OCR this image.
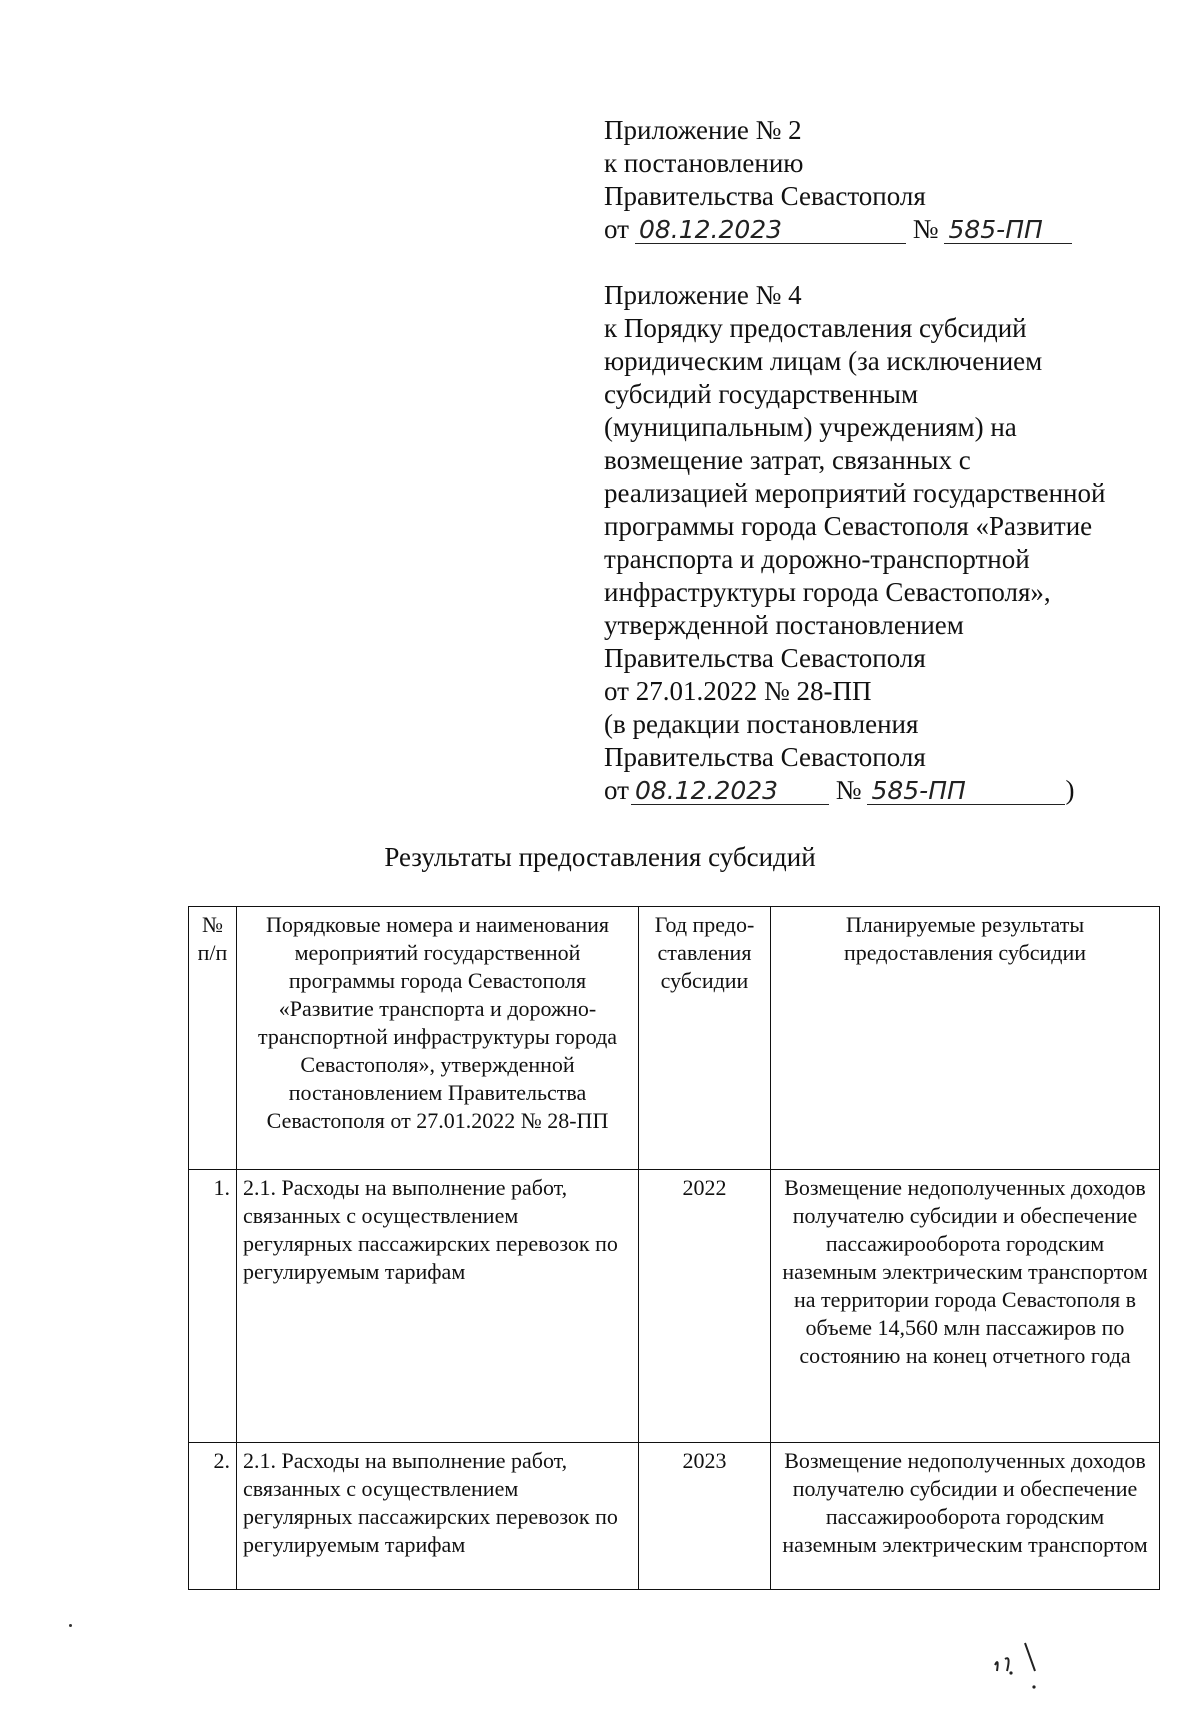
Приложение № 2
к постановлению
Правительства Севастополя
от 08.12.2023	№ 585-ПП
Приложение № 4
к Порядку предоставления субсидий
юридическим лицам (за исключением
субсидий государственным
(муниципальным) учреждениям) на
возмещение затрат, связанных с
реализацией мероприятий государственной
программы города Севастополя «Развитие
транспорта и дорожно-транспортной
инфраструктуры города Севастополя»,
утвержденной постановлением
Правительства Севастополя
от 27.01.2022 № 28-ПП
(в редакции постановления
Правительства Севастополя
от 08.12.2023 № 585-ПП	)
Результаты предоставления субсидий
№ п/п	Порядковые номера и наименования мероприятий государственной программы города Севастополя «Развитие транспорта и дорожно-транспортной инфраструктуры города Севастополя», утвержденной постановлением Правительства Севастополя от 27.01.2022 № 28-ПП	Год предо-ставления субсидии	Планируемые результаты предоставления субсидии
1.	2.1. Расходы на выполнение работ, связанных с осуществлением регулярных пассажирских перевозок по регулируемым тарифам	2022	Возмещение недополученных доходов получателю субсидии и обеспечение пассажирооборота городским наземным электрическим транспортом на территории города Севастополя в объеме 14,560 млн пассажиров по состоянию на конец отчетного года
2.	2.1. Расходы на выполнение работ, связанных с осуществлением регулярных пассажирских перевозок по регулируемым тарифам	2023	Возмещение недополученных доходов получателю субсидии и обеспечение пассажирооборота городским наземным электрическим транспортом
